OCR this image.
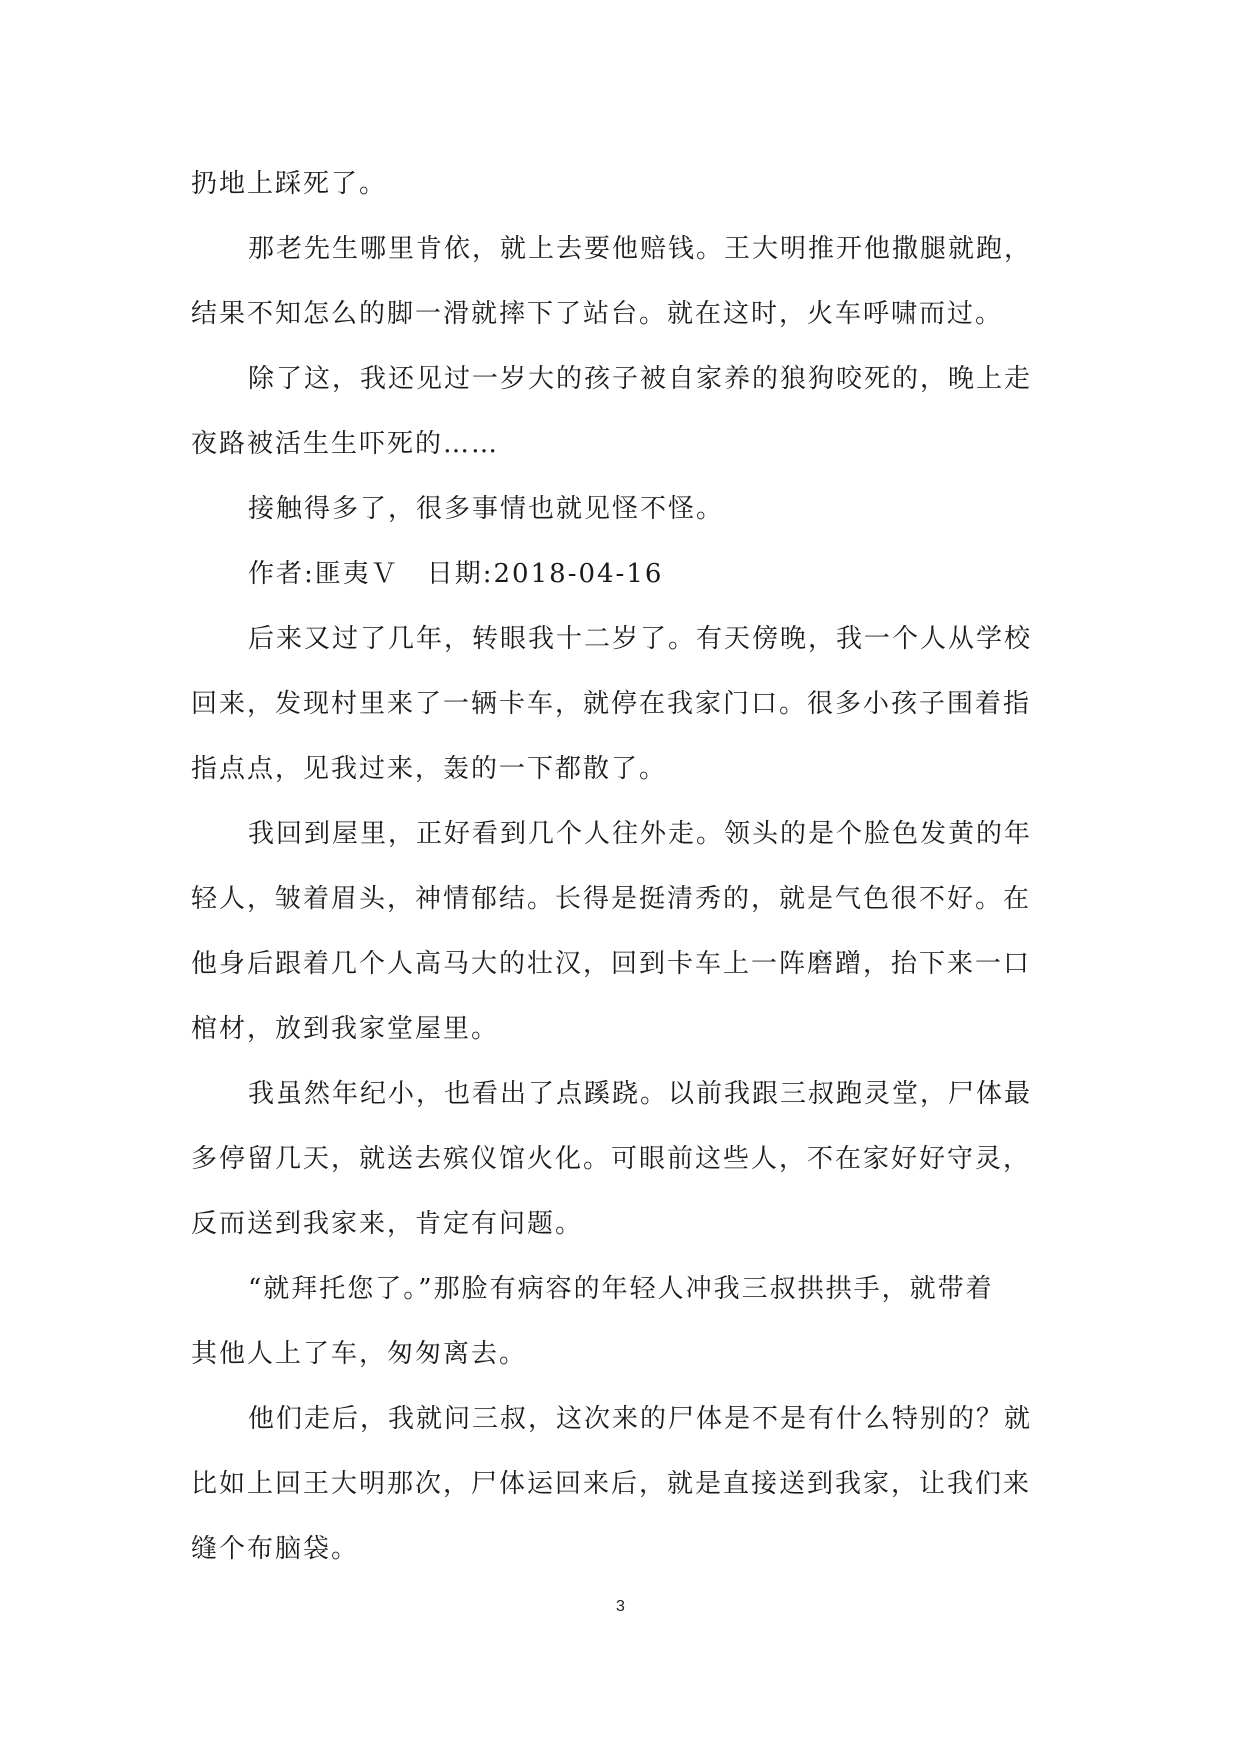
扔地上踩死了。
那老先生哪里肯依，就上去要他赔钱。王大明推开他撒腿就跑，
结果不知怎么的脚一滑就摔下了站台。就在这时，火车呼啸而过。
除了这，我还见过一岁大的孩子被自家养的狼狗咬死的，晚上走
夜路被活生生吓死的……
接触得多了，很多事情也就见怪不怪。
作者:匪夷Ｖ　日期:2018-04-16
后来又过了几年，转眼我十二岁了。有天傍晚，我一个人从学校
回来，发现村里来了一辆卡车，就停在我家门口。很多小孩子围着指
指点点，见我过来，轰的一下都散了。
我回到屋里，正好看到几个人往外走。领头的是个脸色发黄的年
轻人，皱着眉头，神情郁结。长得是挺清秀的，就是气色很不好。在
他身后跟着几个人高马大的壮汉，回到卡车上一阵磨蹭，抬下来一口
棺材，放到我家堂屋里。
我虽然年纪小，也看出了点蹊跷。以前我跟三叔跑灵堂，尸体最
多停留几天，就送去殡仪馆火化。可眼前这些人，不在家好好守灵，
反而送到我家来，肯定有问题。
“就拜托您了。”那脸有病容的年轻人冲我三叔拱拱手，就带着
其他人上了车，匆匆离去。
他们走后，我就问三叔，这次来的尸体是不是有什么特别的？就
比如上回王大明那次，尸体运回来后，就是直接送到我家，让我们来
缝个布脑袋。
3
